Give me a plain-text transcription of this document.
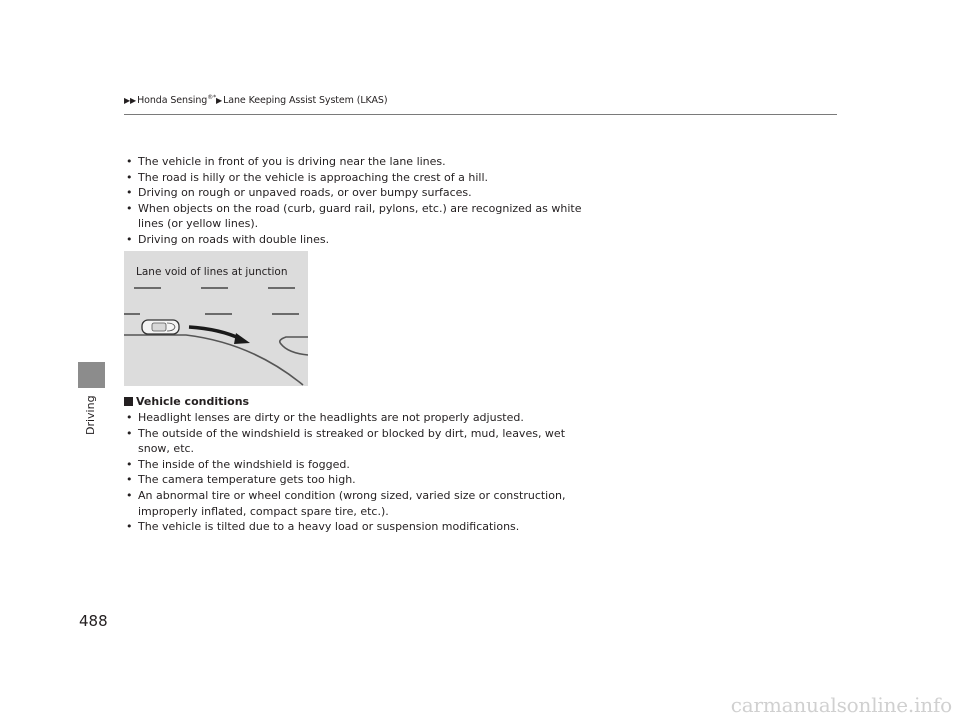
▶▶Honda Sensing®*▶Lane Keeping Assist System (LKAS)
Driving
• The vehicle in front of you is driving near the lane lines.
• The road is hilly or the vehicle is approaching the crest of a hill.
• Driving on rough or unpaved roads, or over bumpy surfaces.
• When objects on the road (curb, guard rail, pylons, etc.) are recognized as white
lines (or yellow lines).
• Driving on roads with double lines.
Lane void of lines at junction
Vehicle conditions
• Headlight lenses are dirty or the headlights are not properly adjusted.
• The outside of the windshield is streaked or blocked by dirt, mud, leaves, wet
snow, etc.
• The inside of the windshield is fogged.
• The camera temperature gets too high.
• An abnormal tire or wheel condition (wrong sized, varied size or construction,
improperly inflated, compact spare tire, etc.).
• The vehicle is tilted due to a heavy load or suspension modifications.
488
carmanualsonline.info
